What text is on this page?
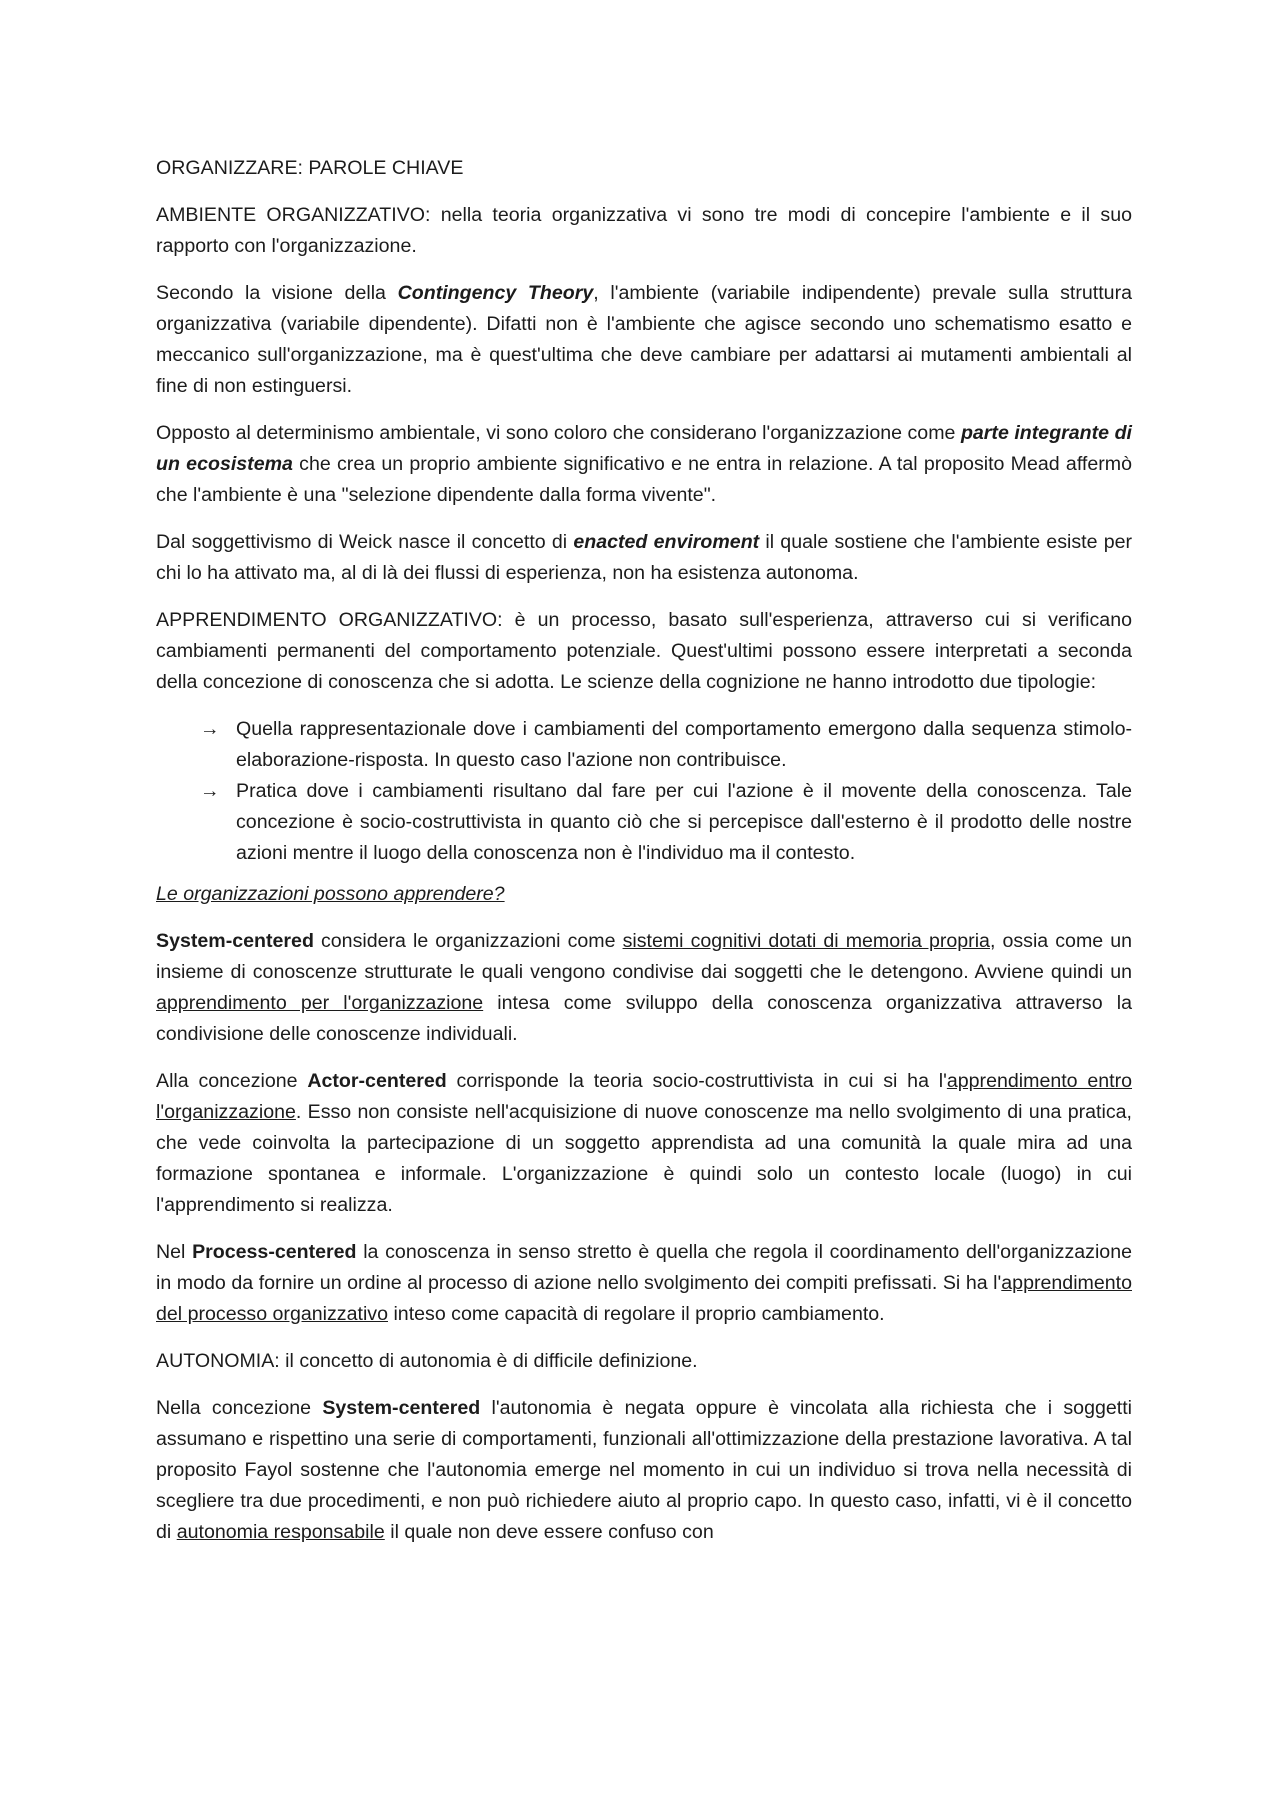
ORGANIZZARE: PAROLE CHIAVE

AMBIENTE ORGANIZZATIVO: nella teoria organizzativa vi sono tre modi di concepire l'ambiente e il suo rapporto con l'organizzazione.

Secondo la visione della Contingency Theory, l'ambiente (variabile indipendente) prevale sulla struttura organizzativa (variabile dipendente). Difatti non è l'ambiente che agisce secondo uno schematismo esatto e meccanico sull'organizzazione, ma è quest'ultima che deve cambiare per adattarsi ai mutamenti ambientali al fine di non estinguersi.

Opposto al determinismo ambientale, vi sono coloro che considerano l'organizzazione come parte integrante di un ecosistema che crea un proprio ambiente significativo e ne entra in relazione. A tal proposito Mead affermò che l'ambiente è una "selezione dipendente dalla forma vivente".

Dal soggettivismo di Weick nasce il concetto di enacted enviroment il quale sostiene che l'ambiente esiste per chi lo ha attivato ma, al di là dei flussi di esperienza, non ha esistenza autonoma.

APPRENDIMENTO ORGANIZZATIVO: è un processo, basato sull'esperienza, attraverso cui si verificano cambiamenti permanenti del comportamento potenziale. Quest'ultimi possono essere interpretati a seconda della concezione di conoscenza che si adotta. Le scienze della cognizione ne hanno introdotto due tipologie:

→ Quella rappresentazionale dove i cambiamenti del comportamento emergono dalla sequenza stimolo-elaborazione-risposta. In questo caso l'azione non contribuisce.
→ Pratica dove i cambiamenti risultano dal fare per cui l'azione è il movente della conoscenza. Tale concezione è socio-costruttivista in quanto ciò che si percepisce dall'esterno è il prodotto delle nostre azioni mentre il luogo della conoscenza non è l'individuo ma il contesto.

Le organizzazioni possono apprendere?

System-centered considera le organizzazioni come sistemi cognitivi dotati di memoria propria, ossia come un insieme di conoscenze strutturate le quali vengono condivise dai soggetti che le detengono. Avviene quindi un apprendimento per l'organizzazione intesa come sviluppo della conoscenza organizzativa attraverso la condivisione delle conoscenze individuali.

Alla concezione Actor-centered corrisponde la teoria socio-costruttivista in cui si ha l'apprendimento entro l'organizzazione. Esso non consiste nell'acquisizione di nuove conoscenze ma nello svolgimento di una pratica, che vede coinvolta la partecipazione di un soggetto apprendista ad una comunità la quale mira ad una formazione spontanea e informale. L'organizzazione è quindi solo un contesto locale (luogo) in cui l'apprendimento si realizza.

Nel Process-centered la conoscenza in senso stretto è quella che regola il coordinamento dell'organizzazione in modo da fornire un ordine al processo di azione nello svolgimento dei compiti prefissati. Si ha l'apprendimento del processo organizzativo inteso come capacità di regolare il proprio cambiamento.

AUTONOMIA: il concetto di autonomia è di difficile definizione.

Nella concezione System-centered l'autonomia è negata oppure è vincolata alla richiesta che i soggetti assumano e rispettino una serie di comportamenti, funzionali all'ottimizzazione della prestazione lavorativa. A tal proposito Fayol sostenne che l'autonomia emerge nel momento in cui un individuo si trova nella necessità di scegliere tra due procedimenti, e non può richiedere aiuto al proprio capo. In questo caso, infatti, vi è il concetto di autonomia responsabile il quale non deve essere confuso con
